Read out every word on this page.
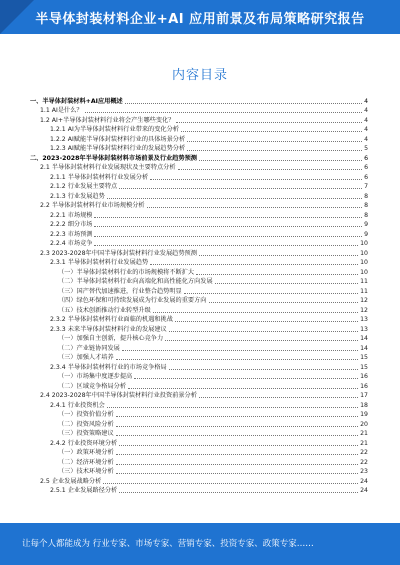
半导体封装材料企业+AI 应用前景及布局策略研究报告
内容目录
一、半导体封装材料+AI应用概述	4
1.1 AI是什么？	4
1.2 AI+半导体封装材料行业将会产生哪些变化？	4
1.2.1 AI为半导体封装材料行业带来的变化分析	4
1.2.2 AI赋能半导体封装材料行业的具体场景分析	4
1.2.3 AI赋能半导体封装材料行业的发展趋势分析	5
二、2023-2028年半导体封装材料市场前景及行业趋势预测	6
2.1 半导体封装材料行业发展现状及主要特点分析	6
2.1.1 半导体封装材料行业发展分析	6
2.1.2 行业发展主要特点	7
2.1.3 行业发展趋势	8
2.2 半导体封装材料行业市场规模分析	8
2.2.1 市场规模	8
2.2.2 细分市场	9
2.2.3 市场预测	9
2.2.4 市场竞争	10
2.3 2023-2028年中国半导体封装材料行业发展趋势预测	10
2.3.1 半导体封装材料行业发展趋势	10
（一）半导体封装材料行业的市场规模将不断扩大	10
（二）半导体封装材料行业向高端化和高性能化方向发展	11
（三）国产替代加速推进，行业整合趋势明显	11
（四）绿色环保和可持续发展成为行业发展的重要方向	12
（五）技术创新推动行业转型升级	12
2.3.2 半导体封装材料行业面临的机遇和挑战	13
2.3.3 未来半导体封装材料行业的发展建议	13
（一）加强自主创新，提升核心竞争力	14
（二）产业链协同发展	14
（三）加强人才培养	15
2.3.4 半导体封装材料行业的市场竞争格局	15
（一）市场集中度逐步提高	16
（二）区域竞争格局分析	16
2.4 2023-2028年中国半导体封装材料行业投资前景分析	17
2.4.1 行业投资机会	18
（一）投资价值分析	19
（二）投资风险分析	20
（三）投资策略建议	21
2.4.2 行业投资环境分析	21
（一）政策环境分析	22
（二）经济环境分析	22
（三）技术环境分析	23
2.5 企业发展战略分析	24
2.5.1 企业发展路径分析	24
让每个人都能成为 行业专家、市场专家、营销专家、投资专家、政策专家……
